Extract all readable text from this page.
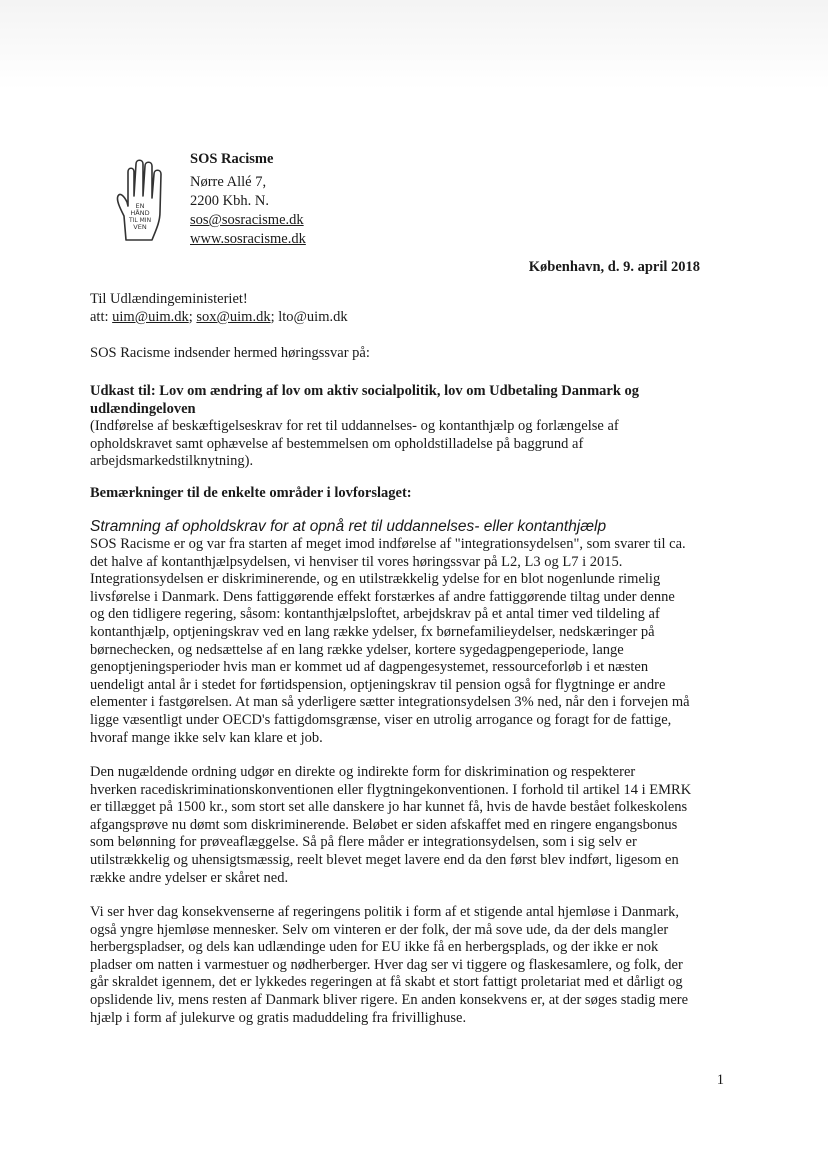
EN
HÅND
TIL MIN
VEN
SOS Racisme
Nørre Allé 7,
2200 Kbh. N.
sos@sosracisme.dk
www.sosracisme.dk
København, d. 9. april 2018
Til Udlændingeministeriet!
att: uim@uim.dk; sox@uim.dk; lto@uim.dk
SOS Racisme indsender hermed høringssvar på:
Udkast til: Lov om ændring af lov om aktiv socialpolitik, lov om Udbetaling Danmark og
udlændingeloven
(Indførelse af beskæftigelseskrav for ret til uddannelses- og kontanthjælp og forlængelse af
opholdskravet samt ophævelse af bestemmelsen om opholdstilladelse på baggrund af
arbejdsmarkedstilknytning).
Bemærkninger til de enkelte områder i lovforslaget:
Stramning af opholdskrav for at opnå ret til uddannelses- eller kontanthjælp
SOS Racisme er og var fra starten af meget imod indførelse af "integrationsydelsen", som svarer til ca.
det halve af kontanthjælpsydelsen, vi henviser til vores høringssvar på L2, L3 og L7 i 2015.
Integrationsydelsen er diskriminerende, og en utilstrækkelig ydelse for en blot nogenlunde rimelig
livsførelse i Danmark. Dens fattiggørende effekt forstærkes af andre fattiggørende tiltag under denne
og den tidligere regering, såsom: kontanthjælpsloftet, arbejdskrav på et antal timer ved tildeling af
kontanthjælp, optjeningskrav ved en lang række ydelser, fx børnefamilieydelser, nedskæringer på
børnechecken, og nedsættelse af en lang række ydelser, kortere sygedagpengeperiode, lange
genoptjeningsperioder hvis man er kommet ud af dagpengesystemet, ressourceforløb i et næsten
uendeligt antal år i stedet for førtidspension, optjeningskrav til pension også for flygtninge er andre
elementer i fastgørelsen. At man så yderligere sætter integrationsydelsen 3% ned, når den i forvejen må
ligge væsentligt under OECD's fattigdomsgrænse, viser en utrolig arrogance og foragt for de fattige,
hvoraf mange ikke selv kan klare et job.
Den nugældende ordning udgør en direkte og indirekte form for diskrimination og respekterer
hverken racediskriminationskonventionen eller flygtningekonventionen. I forhold til artikel 14 i EMRK
er tillægget på 1500 kr., som stort set alle danskere jo har kunnet få, hvis de havde bestået folkeskolens
afgangsprøve nu dømt som diskriminerende. Beløbet er siden afskaffet med en ringere engangsbonus
som belønning for prøveaflæggelse. Så på flere måder er integrationsydelsen, som i sig selv er
utilstrækkelig og uhensigtsmæssig, reelt blevet meget lavere end da den først blev indført, ligesom en
række andre ydelser er skåret ned.
Vi ser hver dag konsekvenserne af regeringens politik i form af et stigende antal hjemløse i Danmark,
også yngre hjemløse mennesker. Selv om vinteren er der folk, der må sove ude, da der dels mangler
herbergspladser, og dels kan udlændinge uden for EU ikke få en herbergsplads, og der ikke er nok
pladser om natten i varmestuer og nødherberger. Hver dag ser vi tiggere og flaskesamlere, og folk, der
går skraldet igennem, det er lykkedes regeringen at få skabt et stort fattigt proletariat med et dårligt og
opslidende liv, mens resten af Danmark bliver rigere. En anden konsekvens er, at der søges stadig mere
hjælp i form af julekurve og gratis maduddeling fra frivillighuse.
1
